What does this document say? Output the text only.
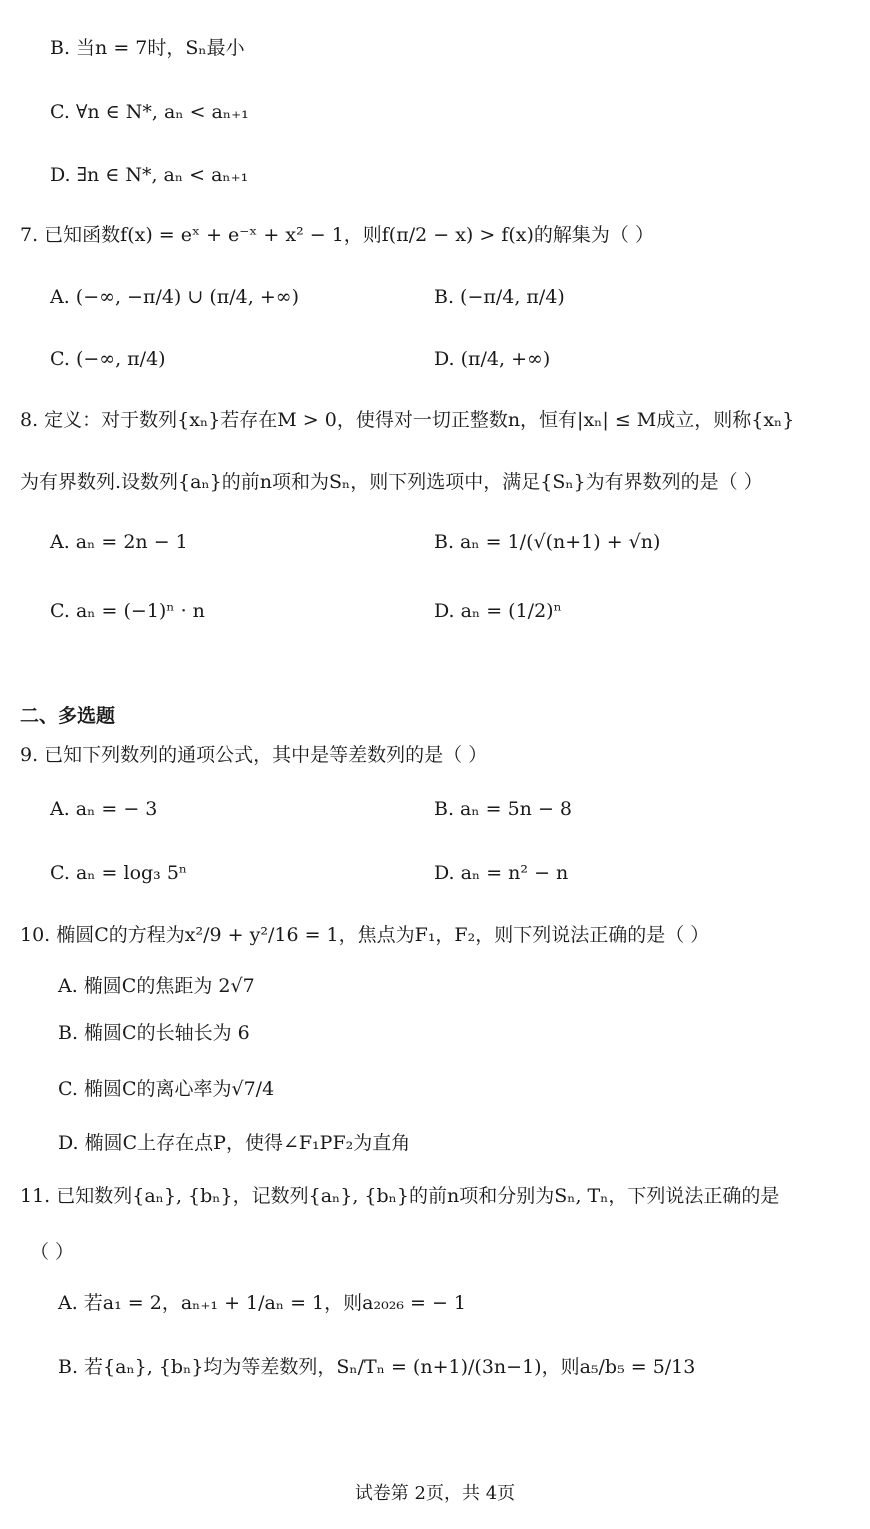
B. 当n = 7时，Sₙ最小
C. ∀n ∈ N*, aₙ < aₙ₊₁
D. ∃n ∈ N*, aₙ < aₙ₊₁
7. 已知函数f(x) = eˣ + e⁻ˣ + x² − 1，则f(π/2 − x) > f(x)的解集为（ ）
A. (−∞, −π/4) ∪ (π/4, +∞)	B. (−π/4, π/4)
C. (−∞, π/4)	D. (π/4, +∞)
8. 定义：对于数列{xₙ}若存在M > 0，使得对一切正整数n，恒有|xₙ| ≤ M成立，则称{xₙ}
为有界数列.设数列{aₙ}的前n项和为Sₙ，则下列选项中，满足{Sₙ}为有界数列的是（ ）
A. aₙ = 2n − 1	B. aₙ = 1/(√(n+1) + √n)
C. aₙ = (−1)ⁿ · n	D. aₙ = (1/2)ⁿ
二、多选题
9. 已知下列数列的通项公式，其中是等差数列的是（ ）
A. aₙ = − 3	B. aₙ = 5n − 8
C. aₙ = log₃ 5ⁿ	D. aₙ = n² − n
10. 椭圆C的方程为x²/9 + y²/16 = 1，焦点为F₁，F₂，则下列说法正确的是（ ）
A. 椭圆C的焦距为 2√7
B. 椭圆C的长轴长为 6
C. 椭圆C的离心率为√7/4
D. 椭圆C上存在点P，使得∠F₁PF₂为直角
11. 已知数列{aₙ}, {bₙ}，记数列{aₙ}, {bₙ}的前n项和分别为Sₙ, Tₙ，下列说法正确的是
（ ）
A. 若a₁ = 2，aₙ₊₁ + 1/aₙ = 1，则a₂₀₂₆ = − 1
B. 若{aₙ}, {bₙ}均为等差数列，Sₙ/Tₙ = (n+1)/(3n−1)，则a₅/b₅ = 5/13
试卷第 2页，共 4页
